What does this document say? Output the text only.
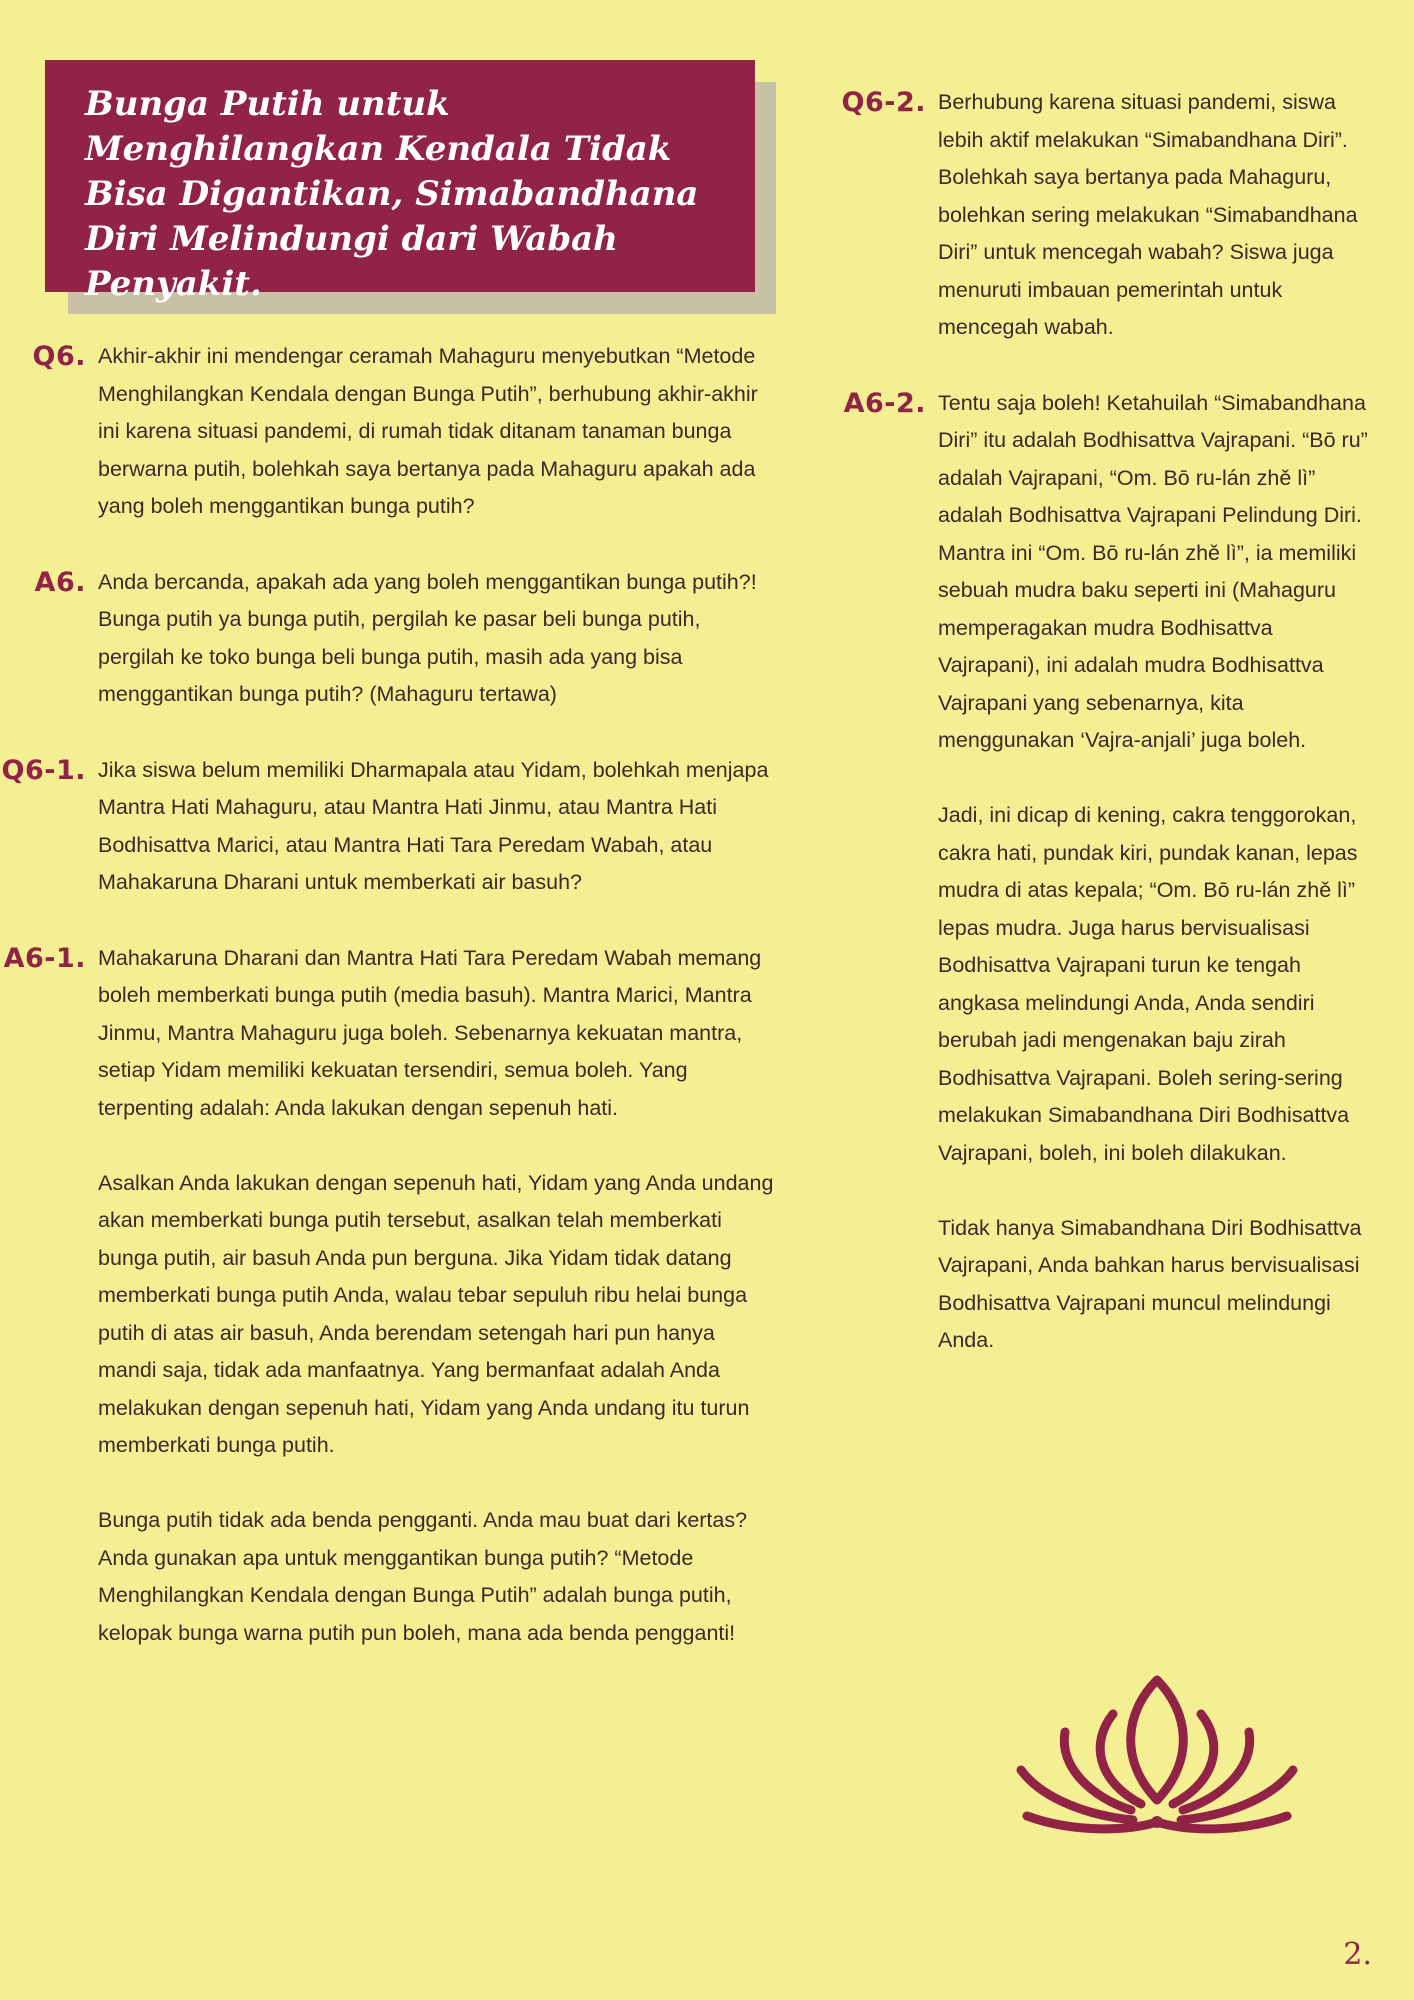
Bunga Putih untuk Menghilangkan Kendala Tidak Bisa Digantikan, Simabandhana Diri Melindungi dari Wabah Penyakit.
Q6. Akhir-akhir ini mendengar ceramah Mahaguru menyebutkan “Metode Menghilangkan Kendala dengan Bunga Putih”, berhubung akhir-akhir ini karena situasi pandemi, di rumah tidak ditanam tanaman bunga berwarna putih, bolehkah saya bertanya pada Mahaguru apakah ada yang boleh menggantikan bunga putih?

A6. Anda bercanda, apakah ada yang boleh menggantikan bunga putih?! Bunga putih ya bunga putih, pergilah ke pasar beli bunga putih, pergilah ke toko bunga beli bunga putih, masih ada yang bisa menggantikan bunga putih? (Mahaguru tertawa)

Q6-1. Jika siswa belum memiliki Dharmapala atau Yidam, bolehkah menjapa Mantra Hati Mahaguru, atau Mantra Hati Jinmu, atau Mantra Hati Bodhisattva Marici, atau Mantra Hati Tara Peredam Wabah, atau Mahakaruna Dharani untuk memberkati air basuh?

A6-1. Mahakaruna Dharani dan Mantra Hati Tara Peredam Wabah memang boleh memberkati bunga putih (media basuh). Mantra Marici, Mantra Jinmu, Mantra Mahaguru juga boleh. Sebenarnya kekuatan mantra, setiap Yidam memiliki kekuatan tersendiri, semua boleh. Yang terpenting adalah: Anda lakukan dengan sepenuh hati.

Asalkan Anda lakukan dengan sepenuh hati, Yidam yang Anda undang akan memberkati bunga putih tersebut, asalkan telah memberkati bunga putih, air basuh Anda pun berguna. Jika Yidam tidak datang memberkati bunga putih Anda, walau tebar sepuluh ribu helai bunga putih di atas air basuh, Anda berendam setengah hari pun hanya mandi saja, tidak ada manfaatnya. Yang bermanfaat adalah Anda melakukan dengan sepenuh hati, Yidam yang Anda undang itu turun memberkati bunga putih.

Bunga putih tidak ada benda pengganti. Anda mau buat dari kertas? Anda gunakan apa untuk menggantikan bunga putih? “Metode Menghilangkan Kendala dengan Bunga Putih” adalah bunga putih, kelopak bunga warna putih pun boleh, mana ada benda pengganti!

Q6-2. Berhubung karena situasi pandemi, siswa lebih aktif melakukan “Simabandhana Diri”. Bolehkah saya bertanya pada Mahaguru, bolehkan sering melakukan “Simabandhana Diri” untuk mencegah wabah? Siswa juga menuruti imbauan pemerintah untuk mencegah wabah.

A6-2. Tentu saja boleh! Ketahuilah “Simabandhana Diri” itu adalah Bodhisattva Vajrapani. “Bō ru” adalah Vajrapani, “Om. Bō ru-lán zhě lì” adalah Bodhisattva Vajrapani Pelindung Diri. Mantra ini “Om. Bō ru-lán zhě lì”, ia memiliki sebuah mudra baku seperti ini (Mahaguru memperagakan mudra Bodhisattva Vajrapani), ini adalah mudra Bodhisattva Vajrapani yang sebenarnya, kita menggunakan ‘Vajra-anjali’ juga boleh.

Jadi, ini dicap di kening, cakra tenggorokan, cakra hati, pundak kiri, pundak kanan, lepas mudra di atas kepala; “Om. Bō ru-lán zhě lì” lepas mudra. Juga harus bervisualisasi Bodhisattva Vajrapani turun ke tengah angkasa melindungi Anda, Anda sendiri berubah jadi mengenakan baju zirah Bodhisattva Vajrapani. Boleh sering-sering melakukan Simabandhana Diri Bodhisattva Vajrapani, boleh, ini boleh dilakukan.

Tidak hanya Simabandhana Diri Bodhisattva Vajrapani, Anda bahkan harus bervisualisasi Bodhisattva Vajrapani muncul melindungi Anda.

2.
